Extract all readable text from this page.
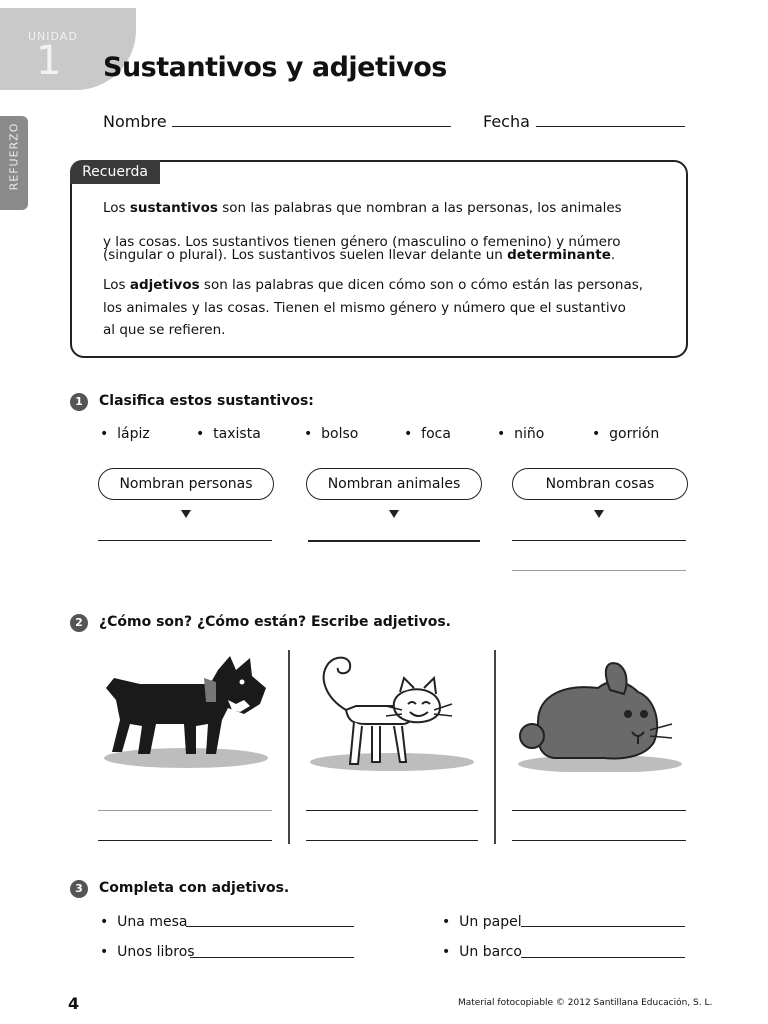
UNIDAD
1
REFUERZO
Sustantivos y adjetivos
Nombre	Fecha
Recuerda
Los sustantivos son las palabras que nombran a las personas, los animales
y las cosas. Los sustantivos tienen género (masculino o femenino) y número
(singular o plural). Los sustantivos suelen llevar delante un determinante.
Los adjetivos son las palabras que dicen cómo son o cómo están las personas,
los animales y las cosas. Tienen el mismo género y número que el sustantivo
al que se refieren.
1	Clasifica estos sustantivos:
•  lápiz	•  taxista	•  bolso	•  foca	•  niño	•  gorrión
Nombran personas	Nombran animales	Nombran cosas
2	¿Cómo son? ¿Cómo están? Escribe adjetivos.
3	Completa con adjetivos.
•  Una mesa	•  Un papel
•  Unos libros	•  Un barco
4	Material fotocopiable © 2012 Santillana Educación, S. L.
